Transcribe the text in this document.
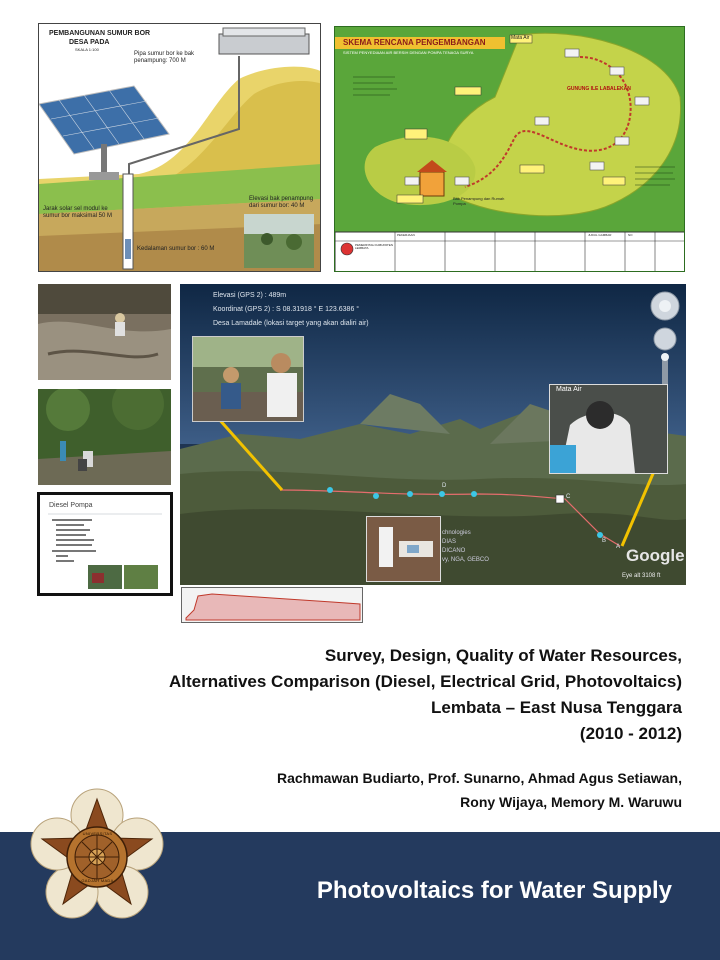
PEMBANGUNAN SUMUR BOR
DESA PADA
SKALA 1:100
Pipa sumur bor ke bak penampung: 700 M
Jarak solar sel modul ke sumur bor maksimal 50 M
Elevasi bak penampung dari sumur bor: 40 M
Kedalaman sumur bor : 60 M
SKEMA RENCANA PENGEMBANGAN
SISTEM PENYEDIAAN AIR BERSIH DENGAN POMPA TENAGA SURYA
GUNUNG ILE LABALEKAN
Mata Air
Bak Penampung dan Rumah Pompa
PEMERINTAH KABUPATEN LEMBATA
PEKERJAAN	JUDUL GAMBAR	NO
Diesel Pompa
Mata Air
Elevasi (GPS 2) : 489m
Koordinat (GPS 2) : S 08.31918 ° E 123.6386 °
Desa Lamadale (lokasi target yang akan dialiri air)
A
B
C
D
chnologies
DIAS
DICANO
vy, NGA, GEBCO	Google
Eye alt 3108 ft
Survey, Design, Quality of Water Resources,
Alternatives Comparison (Diesel, Electrical Grid, Photovoltaics)
Lembata – East Nusa Tenggara
(2010 - 2012)
Rachmawan Budiarto, Prof. Sunarno, Ahmad Agus Setiawan,
Rony Wijaya, Memory M. Waruwu
Photovoltaics for Water Supply
UNIVERSITAS
GADJAH MADA
